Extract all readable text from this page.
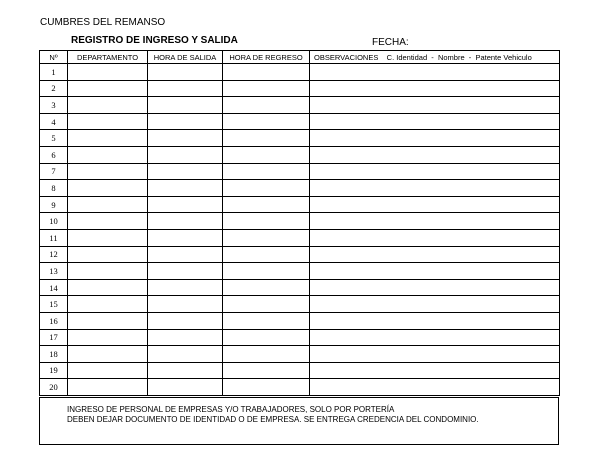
CUMBRES DEL REMANSO
REGISTRO DE INGRESO Y SALIDA	FECHA:
Nº	DEPARTAMENTO	HORA DE SALIDA	HORA DE REGRESO	OBSERVACIONES C. Identidad  -  Nombre  -  Patente Vehiculo
1				
2				
3				
4				
5				
6				
7				
8				
9				
10				
11				
12				
13				
14				
15				
16				
17				
18				
19				
20				
INGRESO DE PERSONAL DE EMPRESAS Y/O TRABAJADORES, SOLO POR PORTERÍA
DEBEN DEJAR DOCUMENTO DE IDENTIDAD O DE EMPRESA. SE ENTREGA CREDENCIA DEL CONDOMINIO.
